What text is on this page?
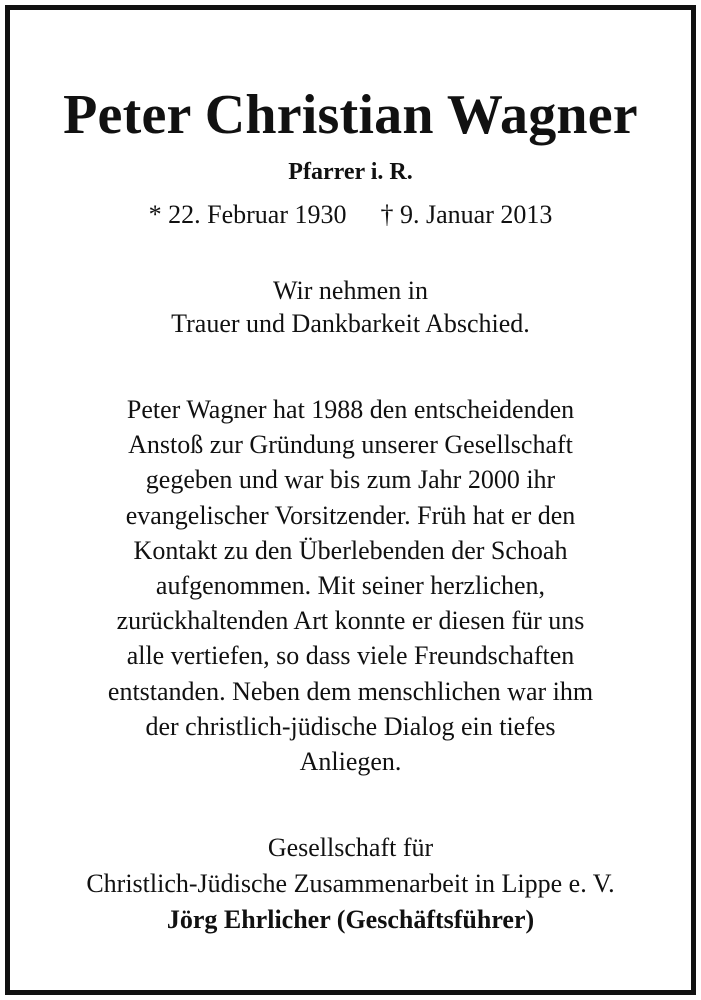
Peter Christian Wagner
Pfarrer i. R.
* 22. Februar 1930 † 9. Januar 2013
Wir nehmen in
Trauer und Dankbarkeit Abschied.
Peter Wagner hat 1988 den entscheidenden
Anstoß zur Gründung unserer Gesellschaft
gegeben und war bis zum Jahr 2000 ihr
evangelischer Vorsitzender. Früh hat er den
Kontakt zu den Überlebenden der Schoah
aufgenommen. Mit seiner herzlichen,
zurückhaltenden Art konnte er diesen für uns
alle vertiefen, so dass viele Freundschaften
entstanden. Neben dem menschlichen war ihm
der christlich-jüdische Dialog ein tiefes
Anliegen.
Gesellschaft für
Christlich-Jüdische Zusammenarbeit in Lippe e. V.
Jörg Ehrlicher (Geschäftsführer)
